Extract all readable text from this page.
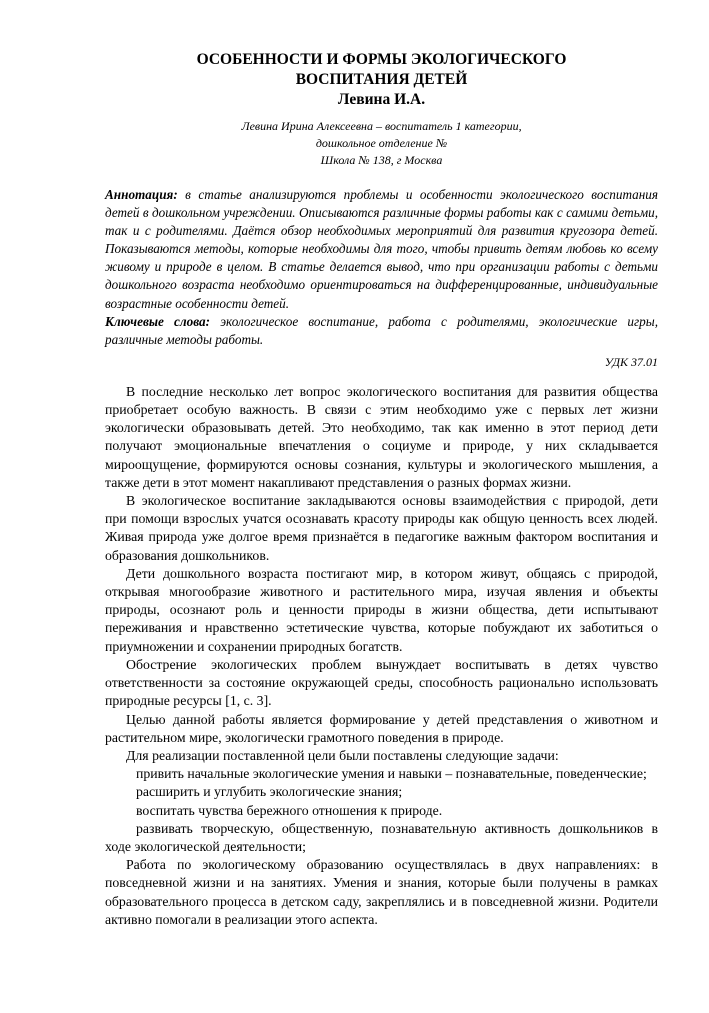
ОСОБЕННОСТИ И ФОРМЫ ЭКОЛОГИЧЕСКОГО
ВОСПИТАНИЯ ДЕТЕЙ
Левина И.А.
Левина Ирина Алексеевна – воспитатель 1 категории,
дошкольное отделение №
Школа № 138, г Москва
Аннотация: в статье анализируются проблемы и особенности экологического воспитания детей в дошкольном учреждении. Описываются различные формы работы как с самими детьми, так и с родителями. Даётся обзор необходимых мероприятий для развития кругозора детей. Показываются методы, которые необходимы для того, чтобы привить детям любовь ко всему живому и природе в целом. В статье делается вывод, что при организации работы с детьми дошкольного возраста необходимо ориентироваться на дифференцированные, индивидуальные возрастные особенности детей.
Ключевые слова: экологическое воспитание, работа с родителями, экологические игры, различные методы работы.
УДК 37.01

В последние несколько лет вопрос экологического воспитания для развития общества приобретает особую важность. В связи с этим необходимо уже с первых лет жизни экологически образовывать детей. Это необходимо, так как именно в этот период дети получают эмоциональные впечатления о социуме и природе, у них складывается мироощущение, формируются основы сознания, культуры и экологического мышления, а также дети в этот момент накапливают представления о разных формах жизни.

В экологическое воспитание закладываются основы взаимодействия с природой, дети при помощи взрослых учатся осознавать красоту природы как общую ценность всех людей. Живая природа уже долгое время признаётся в педагогике важным фактором воспитания и образования дошкольников.

Дети дошкольного возраста постигают мир, в котором живут, общаясь с природой, открывая многообразие животного и растительного мира, изучая явления и объекты природы, осознают роль и ценности природы в жизни общества, дети испытывают переживания и нравственно эстетические чувства, которые побуждают их заботиться о приумножении и сохранении природных богатств.

Обострение экологических проблем вынуждает воспитывать в детях чувство ответственности за состояние окружающей среды, способность рационально использовать природные ресурсы [1, с. 3].

Целью данной работы является формирование у детей представления о животном и растительном мире, экологически грамотного поведения в природе.

Для реализации поставленной цели были поставлены следующие задачи:

привить начальные экологические умения и навыки – познавательные, поведенческие;

расширить и углубить экологические знания;

воспитать чувства бережного отношения к природе.

развивать творческую, общественную, познавательную активность дошкольников в ходе экологической деятельности;

Работа по экологическому образованию осуществлялась в двух направлениях: в повседневной жизни и на занятиях. Умения и знания, которые были получены в рамках образовательного процесса в детском саду, закреплялись и в повседневной жизни. Родители активно помогали в реализации этого аспекта.
